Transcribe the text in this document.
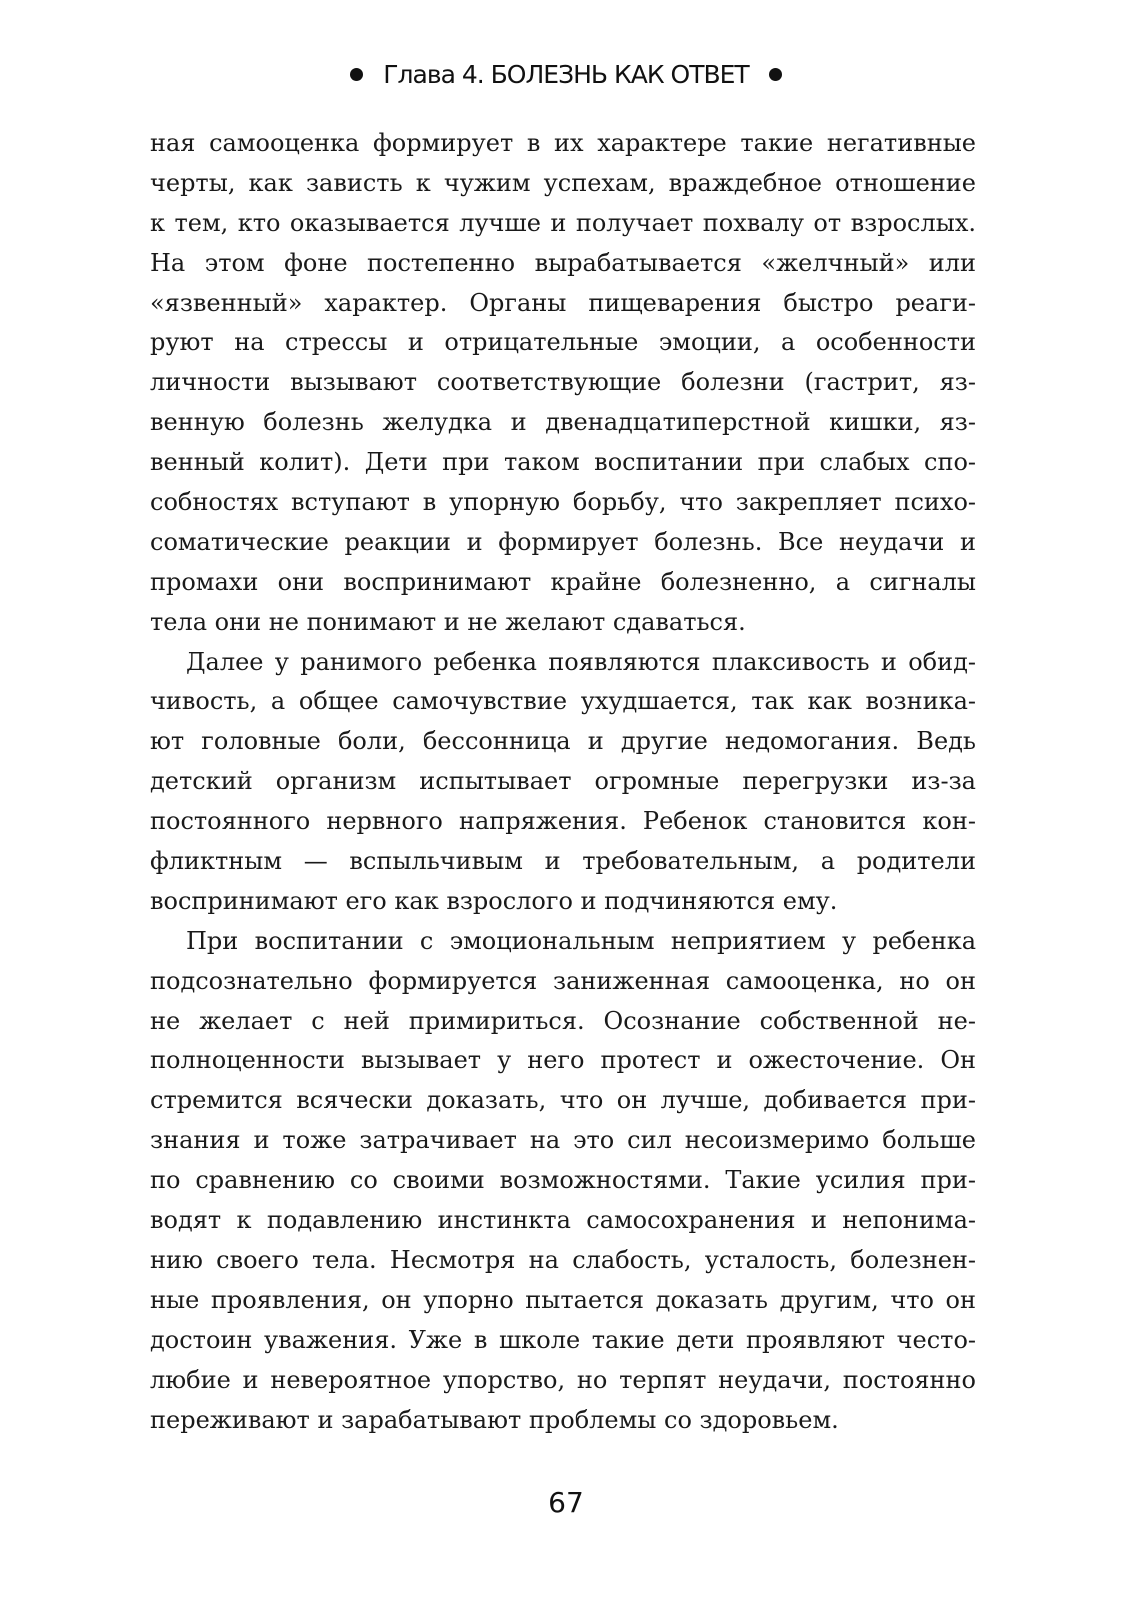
Глава 4. БОЛЕЗНЬ КАК ОТВЕТ
ная самооценка формирует в их характере такие негативные
черты, как зависть к чужим успехам, враждебное отношение
к тем, кто оказывается лучше и получает похвалу от взрослых.
На этом фоне постепенно вырабатывается «желчный» или
«язвенный» характер. Органы пищеварения быстро реаги-
руют на стрессы и отрицательные эмоции, а особенности
личности вызывают соответствующие болезни (гастрит, яз-
венную болезнь желудка и двенадцатиперстной кишки, яз-
венный колит). Дети при таком воспитании при слабых спо-
собностях вступают в упорную борьбу, что закрепляет психо-
соматические реакции и формирует болезнь. Все неудачи и
промахи они воспринимают крайне болезненно, а сигналы
тела они не понимают и не желают сдаваться.
Далее у ранимого ребенка появляются плаксивость и обид-
чивость, а общее самочувствие ухудшается, так как возника-
ют головные боли, бессонница и другие недомогания. Ведь
детский организм испытывает огромные перегрузки из-за
постоянного нервного напряжения. Ребенок становится кон-
фликтным — вспыльчивым и требовательным, а родители
воспринимают его как взрослого и подчиняются ему.
При воспитании с эмоциональным неприятием у ребенка
подсознательно формируется заниженная самооценка, но он
не желает с ней примириться. Осознание собственной не-
полноценности вызывает у него протест и ожесточение. Он
стремится всячески доказать, что он лучше, добивается при-
знания и тоже затрачивает на это сил несоизмеримо больше
по сравнению со своими возможностями. Такие усилия при-
водят к подавлению инстинкта самосохранения и непонима-
нию своего тела. Несмотря на слабость, усталость, болезнен-
ные проявления, он упорно пытается доказать другим, что он
достоин уважения. Уже в школе такие дети проявляют често-
любие и невероятное упорство, но терпят неудачи, постоянно
переживают и зарабатывают проблемы со здоровьем.
67
